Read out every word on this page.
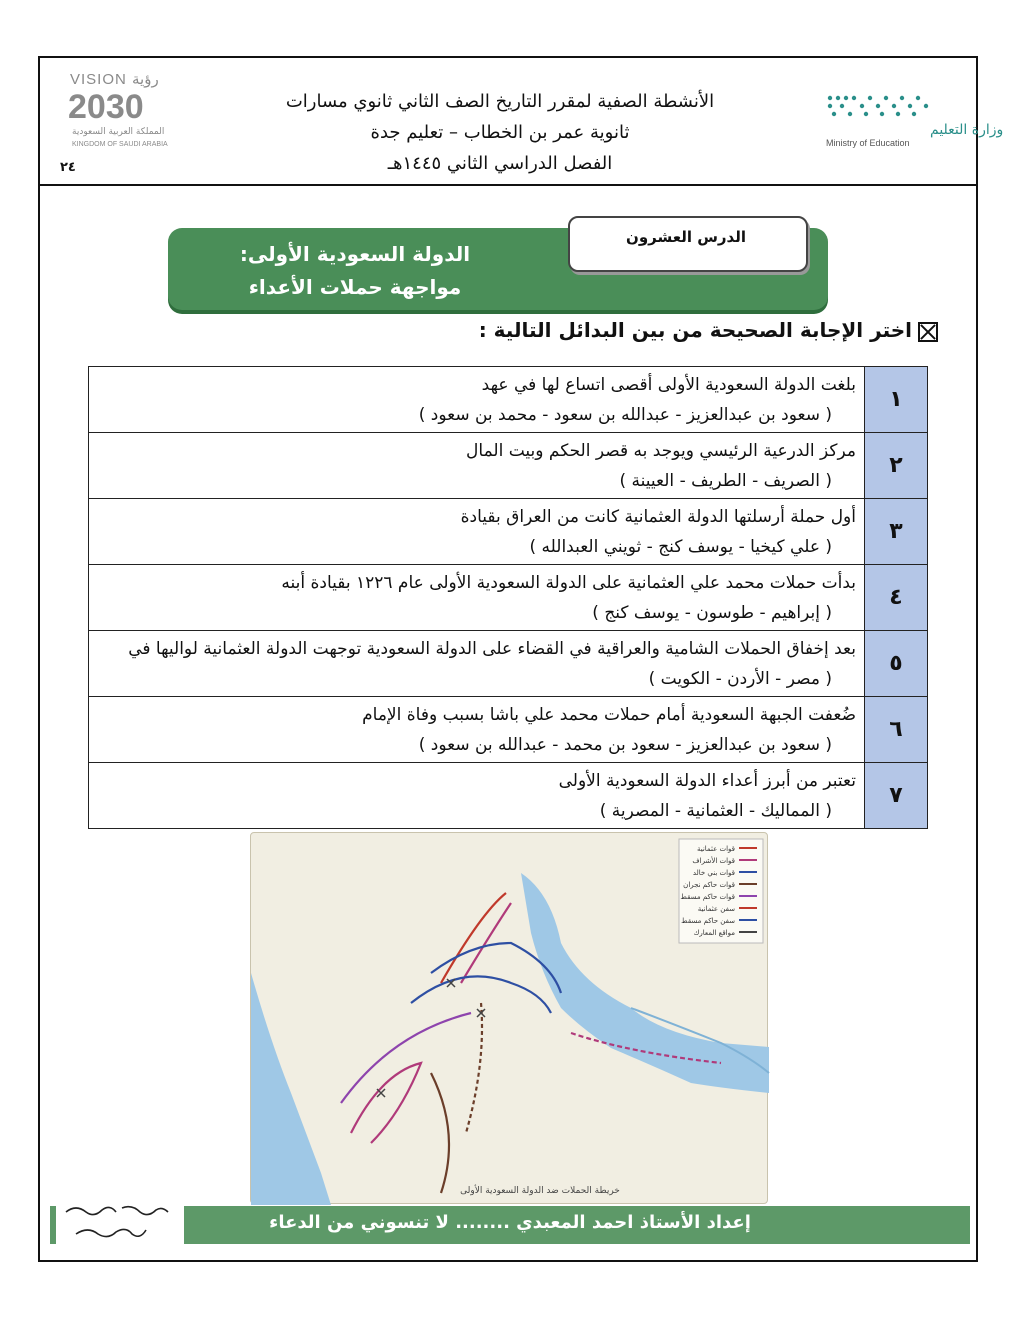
VISION رؤية
2030
المملكة العربية السعودية
KINGDOM OF SAUDI ARABIA
وزارة التعليم
Ministry of Education
الأنشطة الصفية لمقرر التاريخ الصف الثاني ثانوي مسارات
ثانوية عمر بن الخطاب – تعليم جدة
الفصل الدراسي الثاني ١٤٤٥هـ
٢٤
الدولة السعودية الأولى:
مواجهة حملات الأعداء
الدرس العشرون
اختر الإجابة الصحيحة من بين البدائل التالية :
١	بلغت الدولة السعودية الأولى أقصى اتساع لها في عهد
( سعود بن عبدالعزيز - عبدالله بن سعود - محمد بن سعود )

٢	مركز الدرعية الرئيسي ويوجد به قصر الحكم وبيت المال
( الصريف - الطريف - العيينة )

٣	أول حملة أرسلتها الدولة العثمانية كانت من العراق بقيادة
( علي كيخيا - يوسف كنج - ثويني العبدالله )

٤	بدأت حملات محمد علي العثمانية على الدولة السعودية الأولى عام ١٢٢٦ بقيادة أبنه
( إبراهيم - طوسون - يوسف كنج )

٥	بعد إخفاق الحملات الشامية والعراقية في القضاء على الدولة السعودية توجهت الدولة العثمانية لواليها في
( مصر - الأردن - الكويت )

٦	ضُعفت الجبهة السعودية أمام حملات محمد علي باشا بسبب وفاة الإمام
( سعود بن عبدالعزيز - سعود بن محمد - عبدالله بن سعود )

٧	تعتبر من أبرز أعداء الدولة السعودية الأولى
( المماليك - العثمانية - المصرية )
قوات عثمانية
قوات الأشراف
قوات بني خالد
قوات حاكم نجران
قوات حاكم مسقط
سفن عثمانية
سفن حاكم مسقط
مواقع المعارك
خريطة الحملات ضد الدولة السعودية الأولى
إعداد الأستاذ احمد المعبدي ........ لا تنسوني من الدعاء
